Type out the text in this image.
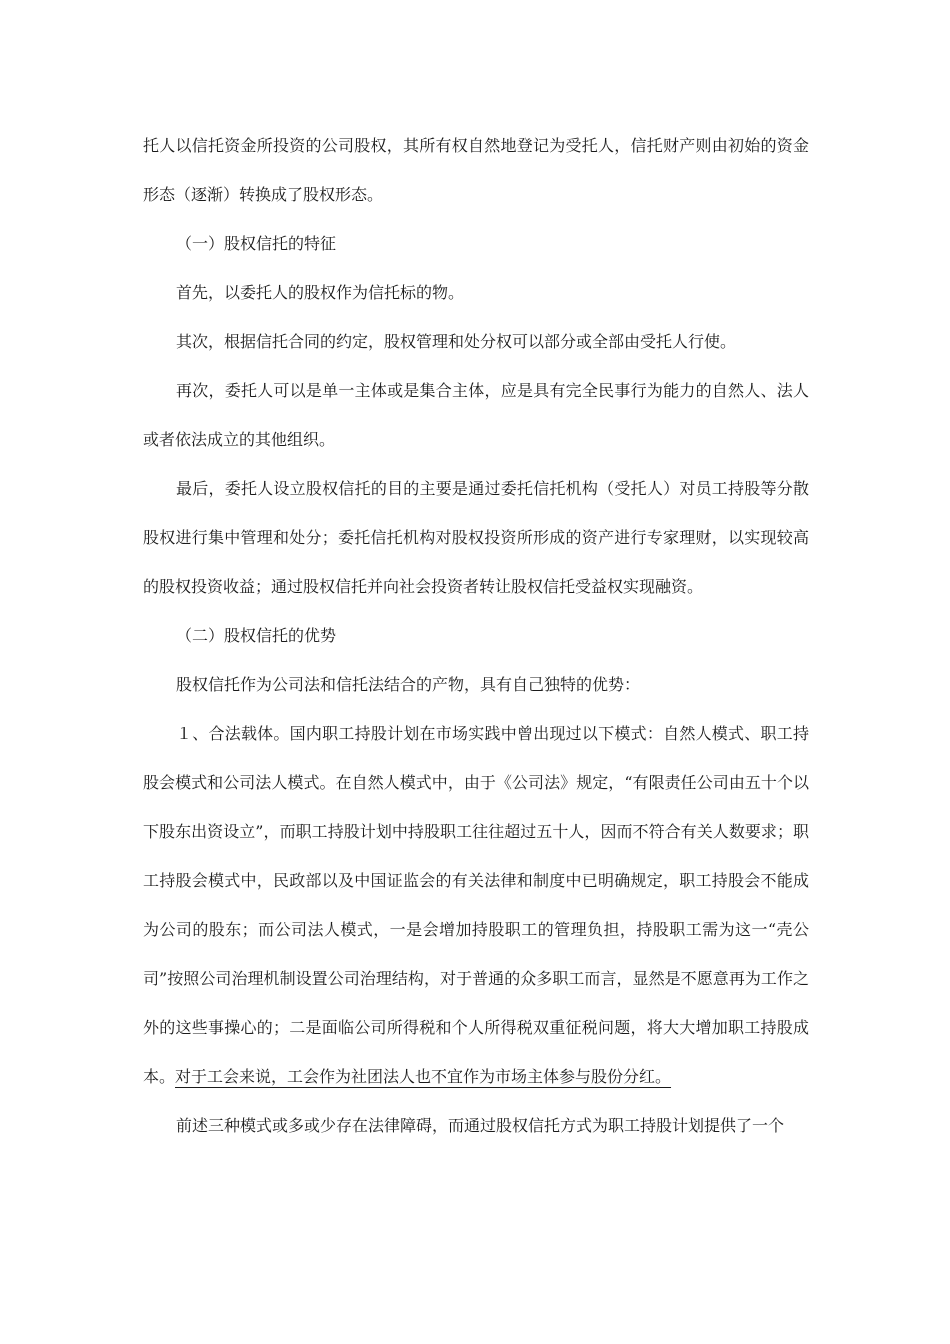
托人以信托资金所投资的公司股权，其所有权自然地登记为受托人，信托财产则由初始的资金形态（逐渐）转换成了股权形态。

（一）股权信托的特征

首先，以委托人的股权作为信托标的物。

其次，根据信托合同的约定，股权管理和处分权可以部分或全部由受托人行使。

再次，委托人可以是单一主体或是集合主体，应是具有完全民事行为能力的自然人、法人或者依法成立的其他组织。

最后，委托人设立股权信托的目的主要是通过委托信托机构（受托人）对员工持股等分散股权进行集中管理和处分；委托信托机构对股权投资所形成的资产进行专家理财，以实现较高的股权投资收益；通过股权信托并向社会投资者转让股权信托受益权实现融资。

（二）股权信托的优势

股权信托作为公司法和信托法结合的产物，具有自己独特的优势：

１、合法载体。国内职工持股计划在市场实践中曾出现过以下模式：自然人模式、职工持股会模式和公司法人模式。在自然人模式中，由于《公司法》规定，“有限责任公司由五十个以下股东出资设立”，而职工持股计划中持股职工往往超过五十人，因而不符合有关人数要求；职工持股会模式中，民政部以及中国证监会的有关法律和制度中已明确规定，职工持股会不能成为公司的股东；而公司法人模式，一是会增加持股职工的管理负担，持股职工需为这一“壳公司”按照公司治理机制设置公司治理结构，对于普通的众多职工而言，显然是不愿意再为工作之外的这些事操心的；二是面临公司所得税和个人所得税双重征税问题，将大大增加职工持股成本。对于工会来说，工会作为社团法人也不宜作为市场主体参与股份分红。

前述三种模式或多或少存在法律障碍，而通过股权信托方式为职工持股计划提供了一个
